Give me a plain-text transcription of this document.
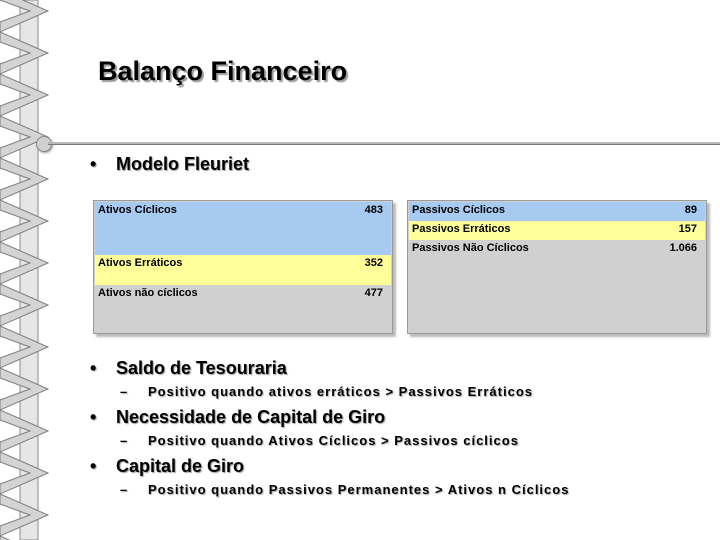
Balanço Financeiro
• Modelo Fleuriet
Ativos Cíclicos	483
Ativos Erráticos	352
Ativos não cíclicos	477
Passivos Cíclicos	89
Passivos Erráticos	157
Passivos Não Cíclicos	1.066
• Saldo de Tesouraria
– Positivo quando ativos erráticos > Passivos Erráticos
• Necessidade de Capital de Giro
– Positivo quando Ativos Cíclicos > Passivos cíclicos
• Capital de Giro
– Positivo quando Passivos Permanentes > Ativos n Cíclicos
